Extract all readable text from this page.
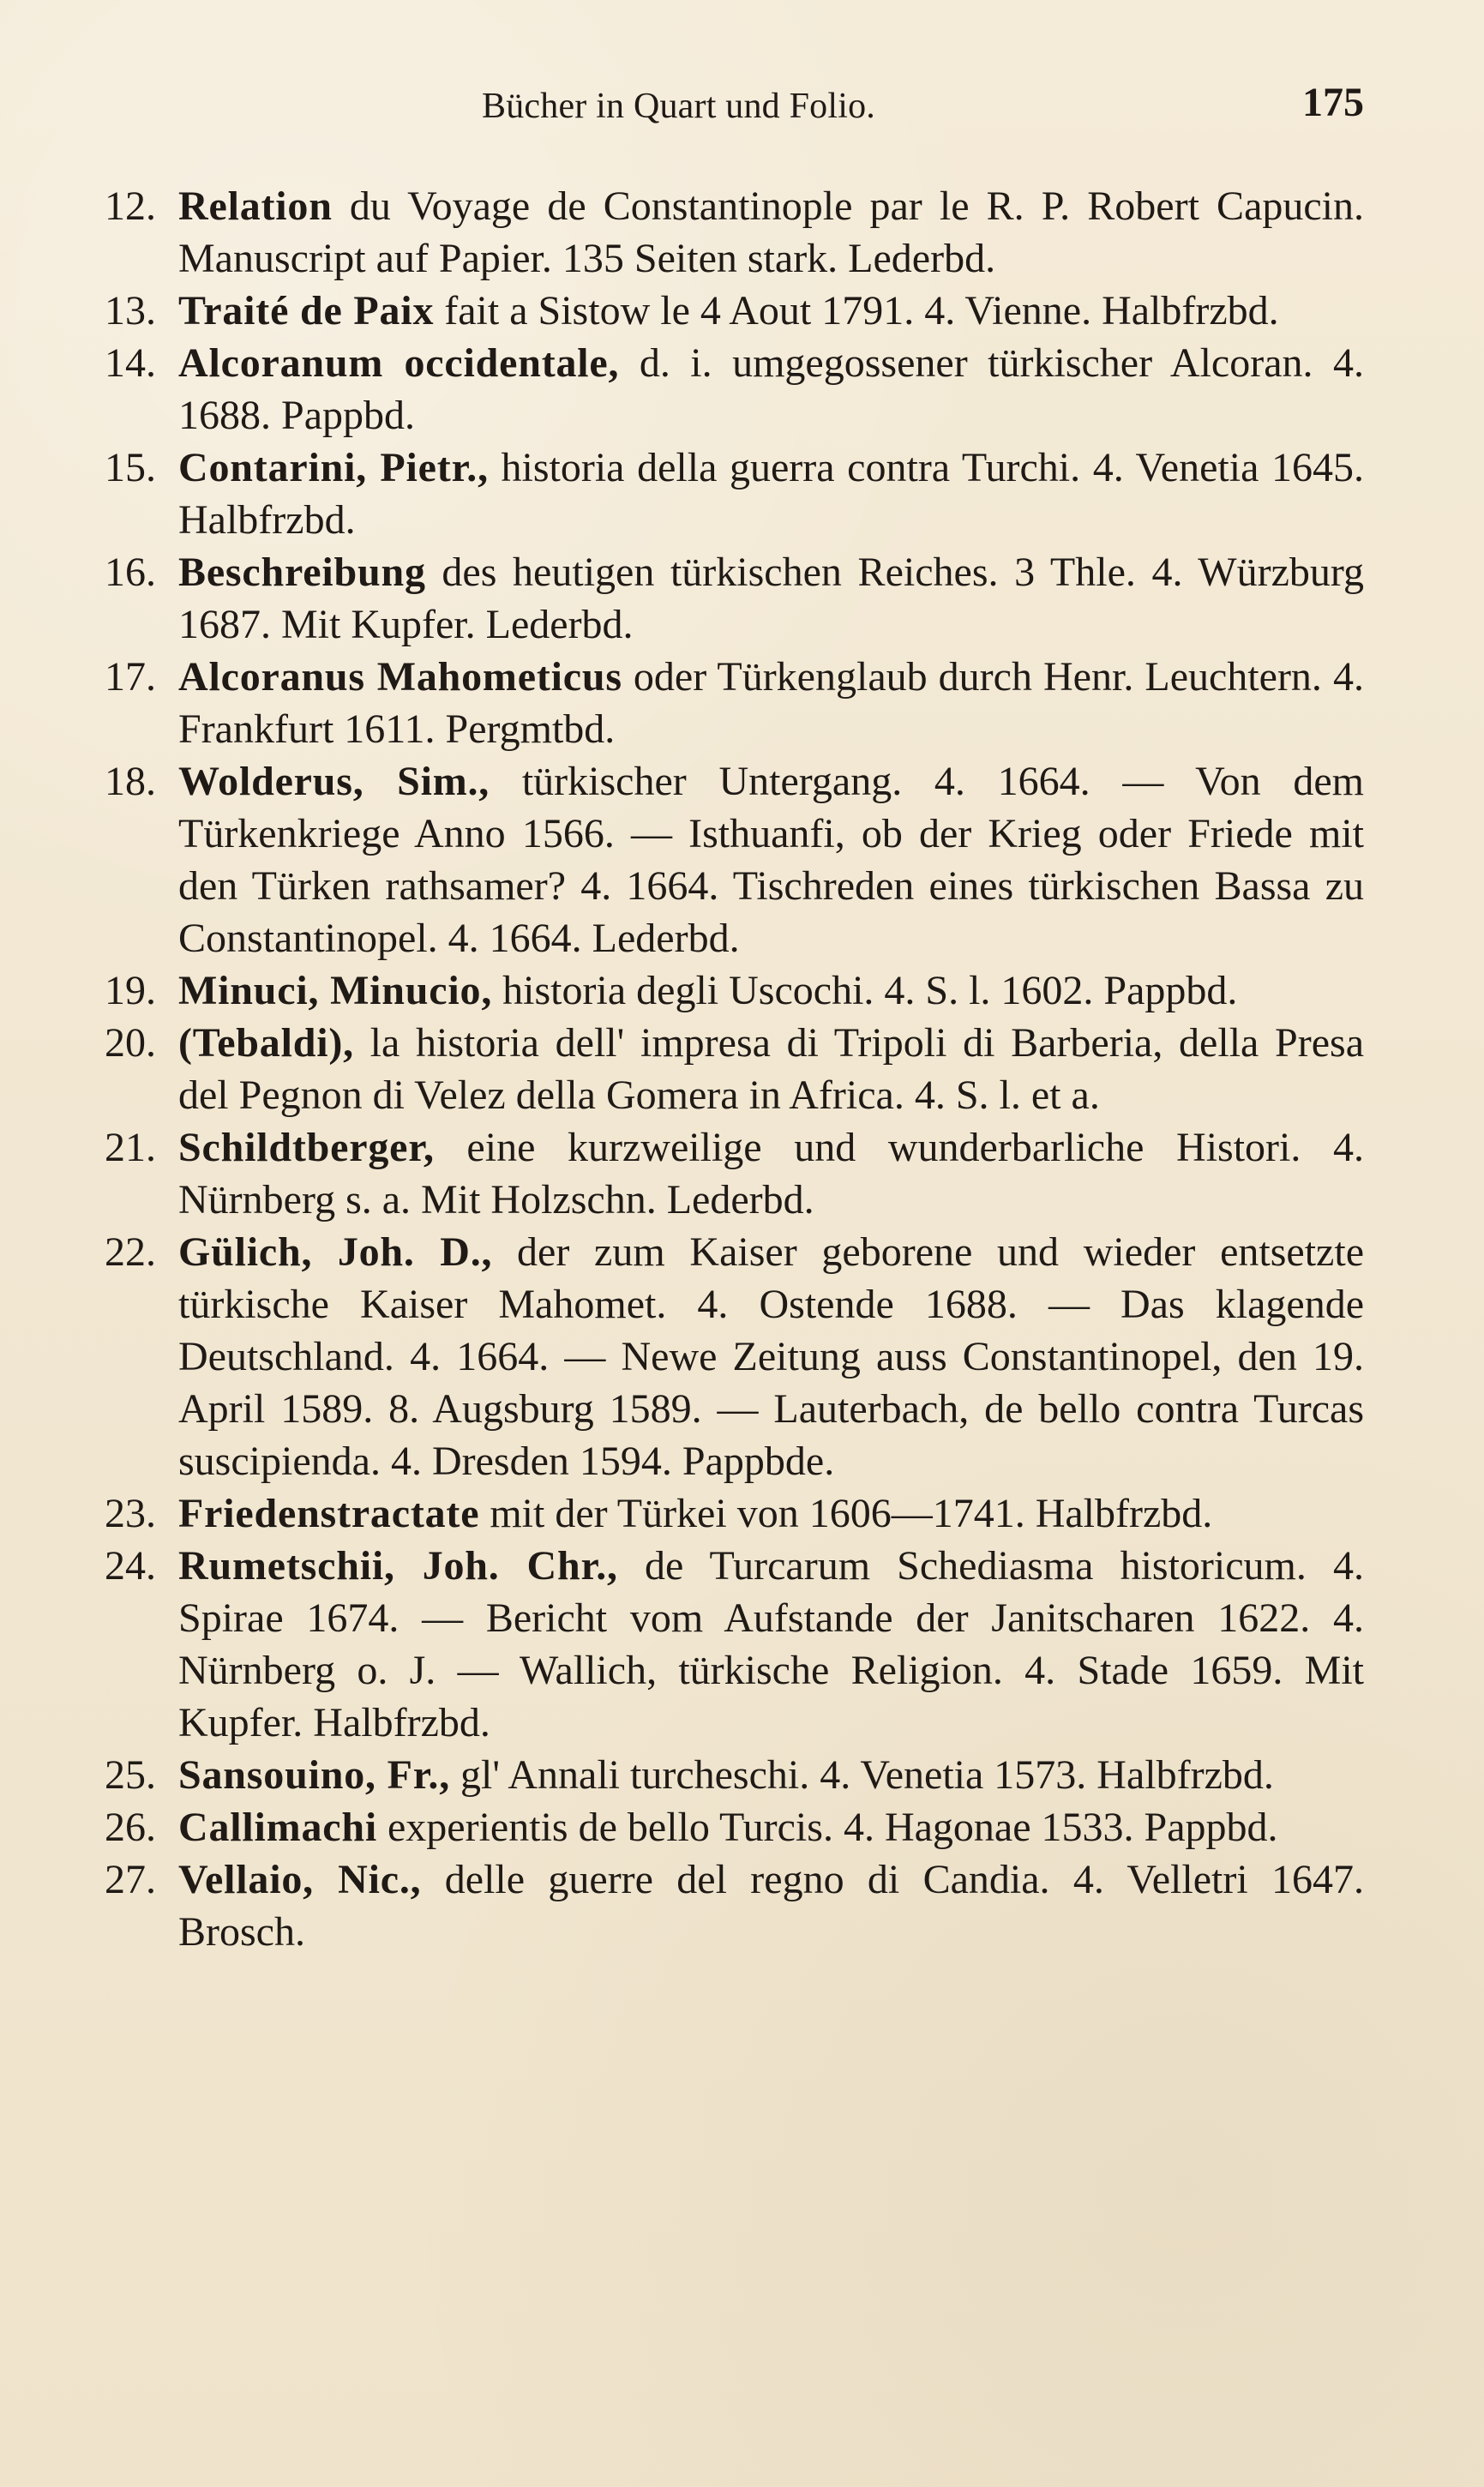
Bücher in Quart und Folio.	175
12. Relation du Voyage de Constantinople par le R. P. Robert Capucin. Manuscript auf Papier. 135 Seiten stark. Lederbd.
13. Traité de Paix fait a Sistow le 4 Aout 1791. 4. Vienne. Halbfrzbd.
14. Alcoranum occidentale, d. i. umgegossener türkischer Alcoran. 4. 1688. Pappbd.
15. Contarini, Pietr., historia della guerra contra Turchi. 4. Venetia 1645. Halbfrzbd.
16. Beschreibung des heutigen türkischen Reiches. 3 Thle. 4. Würzburg 1687. Mit Kupfer. Lederbd.
17. Alcoranus Mahometicus oder Türkenglaub durch Henr. Leuchtern. 4. Frankfurt 1611. Pergmtbd.
18. Wolderus, Sim., türkischer Untergang. 4. 1664. — Von dem Türkenkriege Anno 1566. — Isthuanfi, ob der Krieg oder Friede mit den Türken rathsamer? 4. 1664. Tischreden eines türkischen Bassa zu Constantinopel. 4. 1664. Lederbd.
19. Minuci, Minucio, historia degli Uscochi. 4. S. l. 1602. Pappbd.
20. (Tebaldi), la historia dell' impresa di Tripoli di Barberia, della Presa del Pegnon di Velez della Gomera in Africa. 4. S. l. et a.
21. Schildtberger, eine kurzweilige und wunderbarliche Histori. 4. Nürnberg s. a. Mit Holzschn. Lederbd.
22. Gülich, Joh. D., der zum Kaiser geborene und wieder entsetzte türkische Kaiser Mahomet. 4. Ostende 1688. — Das klagende Deutschland. 4. 1664. — Newe Zeitung auss Constantinopel, den 19. April 1589. 8. Augsburg 1589. — Lauterbach, de bello contra Turcas suscipienda. 4. Dresden 1594. Pappbde.
23. Friedenstractate mit der Türkei von 1606—1741. Halbfrzbd.
24. Rumetschii, Joh. Chr., de Turcarum Schediasma historicum. 4. Spirae 1674. — Bericht vom Aufstande der Janitscharen 1622. 4. Nürnberg o. J. — Wallich, türkische Religion. 4. Stade 1659. Mit Kupfer. Halbfrzbd.
25. Sansouino, Fr., gl' Annali turcheschi. 4. Venetia 1573. Halbfrzbd.
26. Callimachi experientis de bello Turcis. 4. Hagonae 1533. Pappbd.
27. Vellaio, Nic., delle guerre del regno di Candia. 4. Velletri 1647. Brosch.
